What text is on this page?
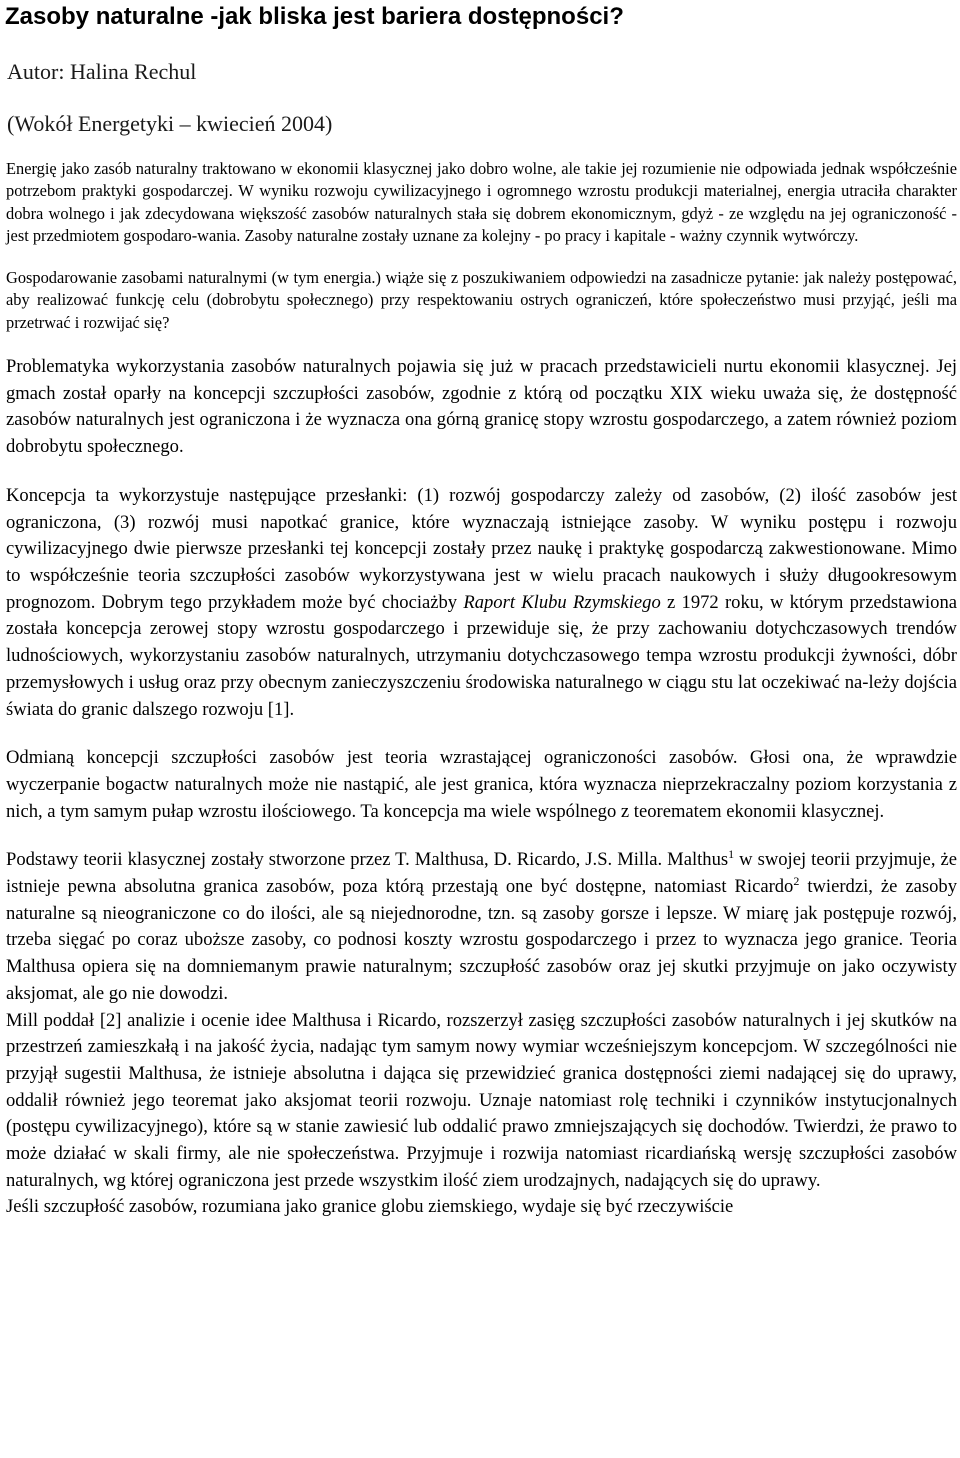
Zasoby naturalne -jak bliska jest bariera dostępności?
Autor: Halina Rechul
(Wokół Energetyki – kwiecień 2004)

Energię jako zasób naturalny traktowano w ekonomii klasycznej jako dobro wolne, ale takie jej rozumienie nie odpowiada jednak współcześnie potrzebom praktyki gospodarczej. W wyniku rozwoju cywilizacyjnego i ogromnego wzrostu produkcji materialnej, energia utraciła charakter dobra wolnego i jak zdecydowana większość zasobów naturalnych stała się dobrem ekonomicznym, gdyż - ze względu na jej ograniczoność -jest przedmiotem gospodaro-wania. Zasoby naturalne zostały uznane za kolejny - po pracy i kapitale - ważny czynnik wytwórczy.

Gospodarowanie zasobami naturalnymi (w tym energia.) wiąże się z poszukiwaniem odpowiedzi na zasadnicze pytanie: jak należy postępować, aby realizować funkcję celu (dobrobytu społecznego) przy respektowaniu ostrych ograniczeń, które społeczeństwo musi przyjąć, jeśli ma przetrwać i rozwijać się?

Problematyka wykorzystania zasobów naturalnych pojawia się już w pracach przedstawicieli nurtu ekonomii klasycznej. Jej gmach został oparły na koncepcji szczupłości zasobów, zgodnie z którą od początku XIX wieku uważa się, że dostępność zasobów naturalnych jest ograniczona i że wyznacza ona górną granicę stopy wzrostu gospodarczego, a zatem również poziom dobrobytu społecznego.

Koncepcja ta wykorzystuje następujące przesłanki: (1) rozwój gospodarczy zależy od zasobów, (2) ilość zasobów jest ograniczona, (3) rozwój musi napotkać granice, które wyznaczają istniejące zasoby. W wyniku postępu i rozwoju cywilizacyjnego dwie pierwsze przesłanki tej koncepcji zostały przez naukę i praktykę gospodarczą zakwestionowane. Mimo to współcześnie teoria szczupłości zasobów wykorzystywana jest w wielu pracach naukowych i służy długookresowym prognozom. Dobrym tego przykładem może być chociażby Raport Klubu Rzymskiego z 1972 roku, w którym przedstawiona została koncepcja zerowej stopy wzrostu gospodarczego i przewiduje się, że przy zachowaniu dotychczasowych trendów ludnościowych, wykorzystaniu zasobów naturalnych, utrzymaniu dotychczasowego tempa wzrostu produkcji żywności, dóbr przemysłowych i usług oraz przy obecnym zanieczyszczeniu środowiska naturalnego w ciągu stu lat oczekiwać na-leży dojścia świata do granic dalszego rozwoju [1].

Odmianą koncepcji szczupłości zasobów jest teoria wzrastającej ograniczoności zasobów. Głosi ona, że wprawdzie wyczerpanie bogactw naturalnych może nie nastąpić, ale jest granica, która wyznacza nieprzekraczalny poziom korzystania z nich, a tym samym pułap wzrostu ilościowego. Ta koncepcja ma wiele wspólnego z teorematem ekonomii klasycznej.

Podstawy teorii klasycznej zostały stworzone przez T. Malthusa, D. Ricardo, J.S. Milla. Malthus$^1$ w swojej teorii przyjmuje, że istnieje pewna absolutna granica zasobów, poza którą przestają one być dostępne, natomiast Ricardo$^2$ twierdzi, że zasoby naturalne są nieograniczone co do ilości, ale są niejednorodne, tzn. są zasoby gorsze i lepsze. W miarę jak postępuje rozwój, trzeba sięgać po coraz uboższe zasoby, co podnosi koszty wzrostu gospodarczego i przez to wyznacza jego granice. Teoria Malthusa opiera się na domniemanym prawie naturalnym; szczupłość zasobów oraz jej skutki przyjmuje on jako oczywisty aksjomat, ale go nie dowodzi.

Mill poddał [2] analizie i ocenie idee Malthusa i Ricardo, rozszerzył zasięg szczupłości zasobów naturalnych i jej skutków na przestrzeń zamieszkałą i na jakość życia, nadając tym samym nowy wymiar wcześniejszym koncepcjom. W szczególności nie przyjął sugestii Malthusa, że istnieje absolutna i dająca się przewidzieć granica dostępności ziemi nadającej się do uprawy, oddalił również jego teoremat jako aksjomat teorii rozwoju. Uznaje natomiast rolę techniki i czynników instytucjonalnych (postępu cywilizacyjnego), które są w stanie zawiesić lub oddalić prawo zmniejszających się dochodów. Twierdzi, że prawo to może działać w skali firmy, ale nie społeczeństwa. Przyjmuje i rozwija natomiast ricardiańską wersję szczupłości zasobów naturalnych, wg której ograniczona jest przede wszystkim ilość ziem urodzajnych, nadających się do uprawy.

Jeśli szczupłość zasobów, rozumiana jako granice globu ziemskiego, wydaje się być rzeczywiście
